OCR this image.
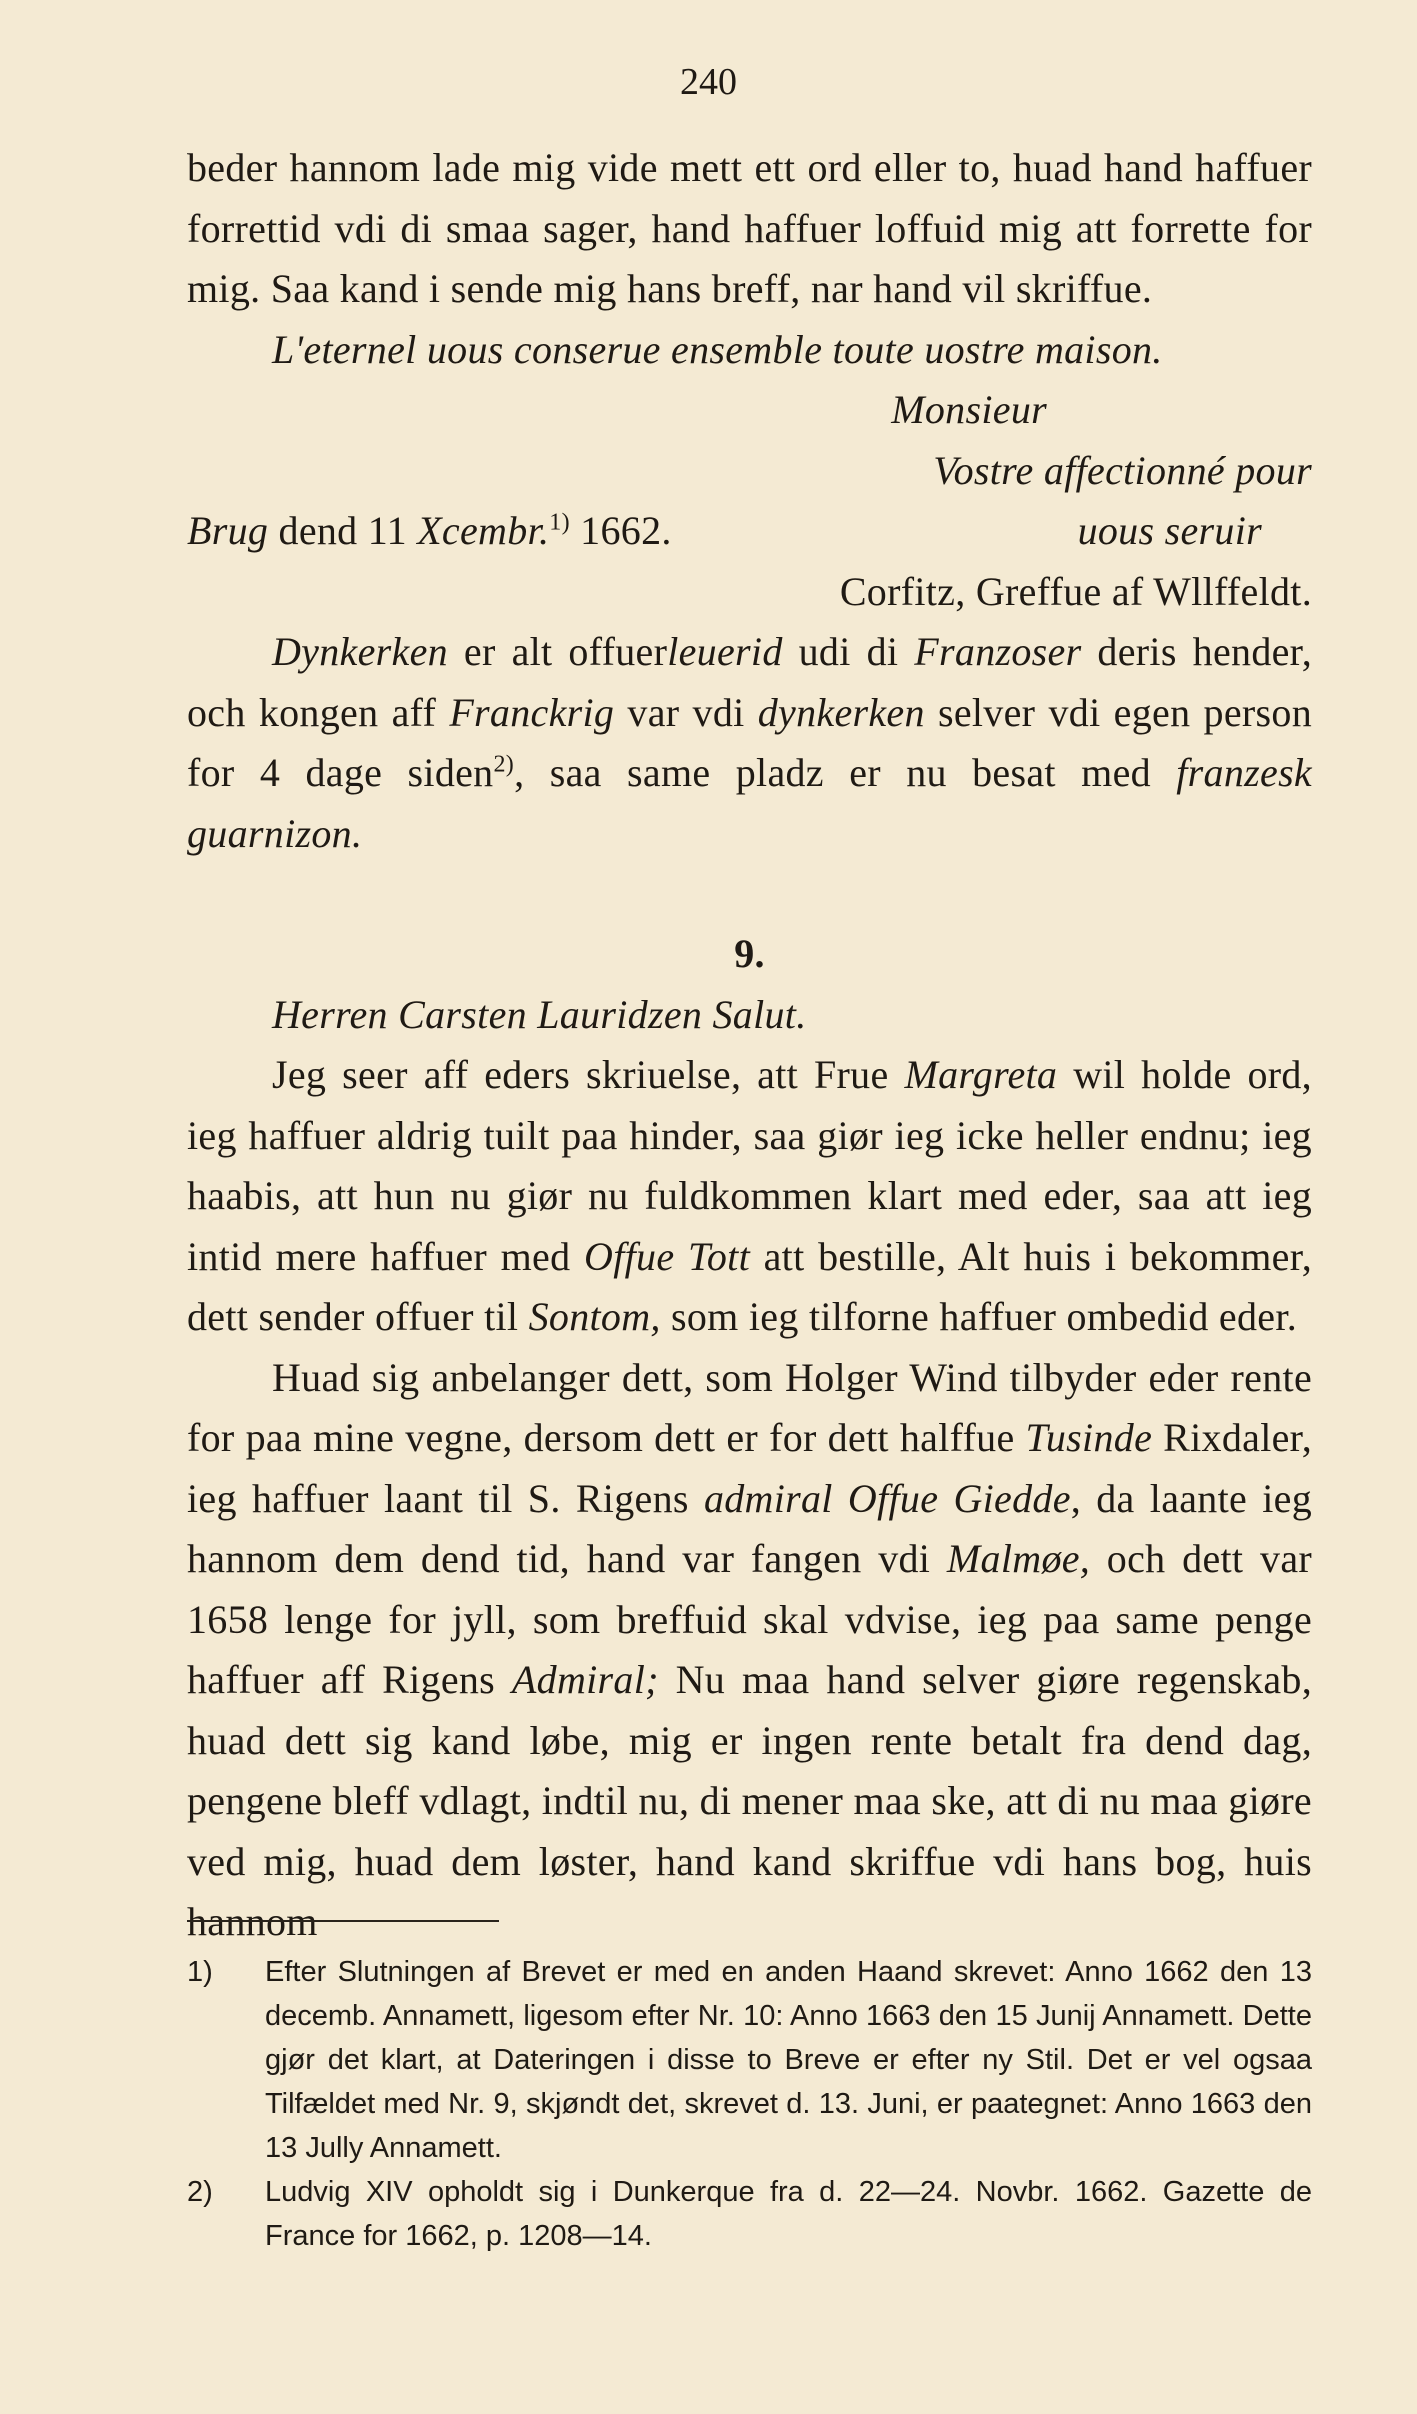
240

beder hannom lade mig vide mett ett ord eller to, huad hand haffuer forrettid vdi di smaa sager, hand haffuer loffuid mig att forrette for mig. Saa kand i sende mig hans breff, nar hand vil skriffue.

L'eternel uous conserue ensemble toute uostre maison.

Monsieur

Vostre affectionné pour

Brug dend 11 Xcembr.$^{1)}$ 1662.	uous seruir
Corfitz, Greffue af Wllffeldt.

Dynkerken er alt offuerleuerid udi di Franzoser deris hender, och kongen aff Franckrig var vdi dynkerken selver vdi egen person for 4 dage siden$^{2)}$, saa same pladz er nu besat med franzesk guarnizon.

9.

Herren Carsten Lauridzen Salut.

Jeg seer aff eders skriuelse, att Frue Margreta wil holde ord, ieg haffuer aldrig tuilt paa hinder, saa giør ieg icke heller endnu; ieg haabis, att hun nu giør nu fuldkommen klart med eder, saa att ieg intid mere haffuer med Offue Tott att bestille, Alt huis i bekommer, dett sender offuer til Sontom, som ieg tilforne haffuer ombedid eder.

Huad sig anbelanger dett, som Holger Wind tilbyder eder rente for paa mine vegne, dersom dett er for dett halffue Tusinde Rixdaler, ieg haffuer laant til S. Rigens admiral Offue Giedde, da laante ieg hannom dem dend tid, hand var fangen vdi Malmøe, och dett var 1658 lenge for jyll, som breffuid skal vdvise, ieg paa same penge haffuer aff Rigens Admiral; Nu maa hand selver giøre regenskab, huad dett sig kand løbe, mig er ingen rente betalt fra dend dag, pengene bleff vdlagt, indtil nu, di mener maa ske, att di nu maa giøre ved mig, huad dem løster, hand kand skriffue vdi hans bog, huis hannom

1) Efter Slutningen af Brevet er med en anden Haand skrevet: Anno 1662 den 13 decemb. Annamett, ligesom efter Nr. 10: Anno 1663 den 15 Junij Annamett. Dette gjør det klart, at Dateringen i disse to Breve er efter ny Stil. Det er vel ogsaa Tilfældet med Nr. 9, skjøndt det, skrevet d. 13. Juni, er paategnet: Anno 1663 den 13 Jully Annamett.

2) Ludvig XIV opholdt sig i Dunkerque fra d. 22—24. Novbr. 1662. Gazette de France for 1662, p. 1208—14.
